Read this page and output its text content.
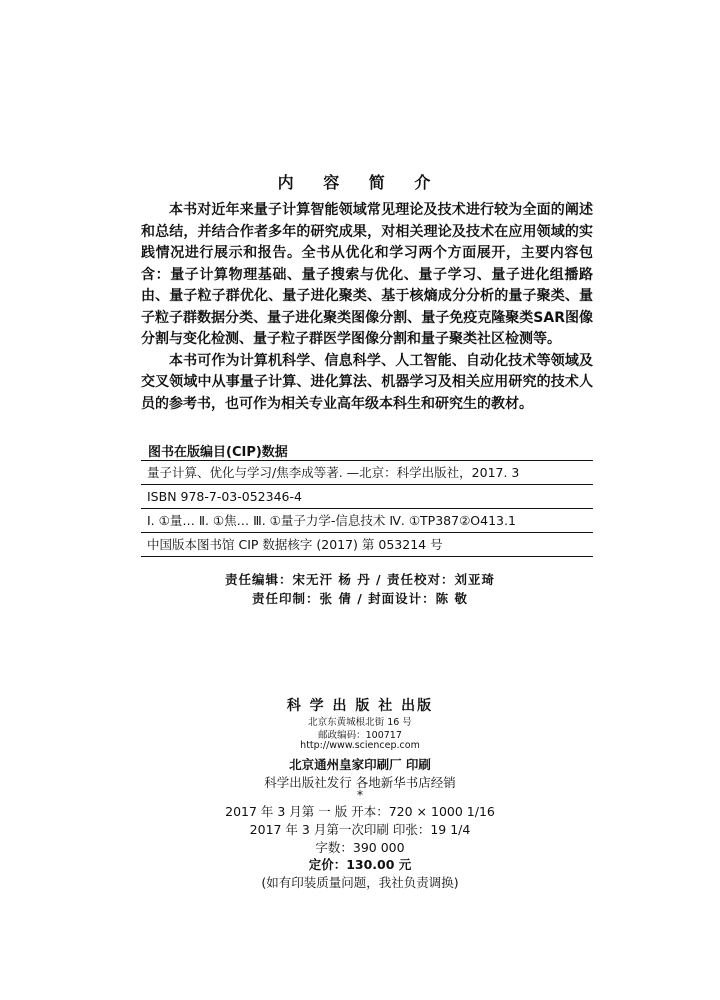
内 容 简 介

本书对近年来量子计算智能领域常见理论及技术进行较为全面的阐述和总结，并结合作者多年的研究成果，对相关理论及技术在应用领域的实践情况进行展示和报告。全书从优化和学习两个方面展开，主要内容包含：量子计算物理基础、量子搜索与优化、量子学习、量子进化组播路由、量子粒子群优化、量子进化聚类、基于核熵成分分析的量子聚类、量子粒子群数据分类、量子进化聚类图像分割、量子免疫克隆聚类SAR图像分割与变化检测、量子粒子群医学图像分割和量子聚类社区检测等。

本书可作为计算机科学、信息科学、人工智能、自动化技术等领域及交叉领域中从事量子计算、进化算法、机器学习及相关应用研究的技术人员的参考书，也可作为相关专业高年级本科生和研究生的教材。

图书在版编目(CIP)数据
量子计算、优化与学习/焦李成等著. —北京：科学出版社，2017. 3
ISBN 978-7-03-052346-4
Ⅰ. ①量… Ⅱ. ①焦… Ⅲ. ①量子力学-信息技术 Ⅳ. ①TP387②O413.1
中国版本图书馆 CIP 数据核字 (2017) 第 053214 号
责任编辑：宋无汗 杨 丹 / 责任校对：刘亚琦
责任印制：张 倩 / 封面设计：陈 敬
科 学 出 版 社 出版
北京东黄城根北街 16 号
邮政编码：100717
http://www.sciencep.com
北京通州皇家印刷厂 印刷
科学出版社发行 各地新华书店经销
*
2017 年 3 月第 一 版 开本：720 × 1000 1/16
2017 年 3 月第一次印刷 印张：19 1/4
字数：390 000
定价：130.00 元
(如有印装质量问题，我社负责调换)
